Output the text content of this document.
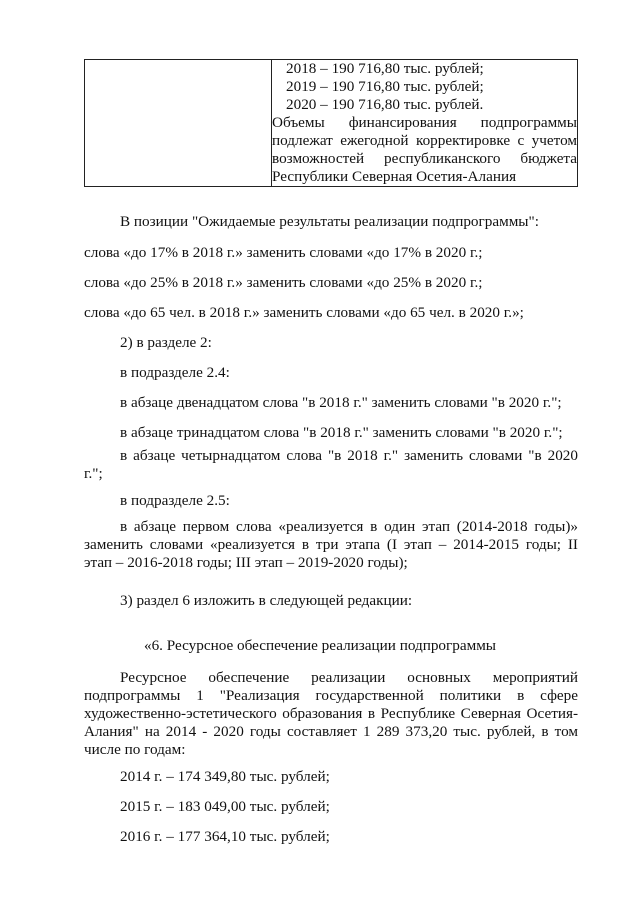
2018 – 190 716,80 тыс. рублей;
2019 – 190 716,80 тыс. рублей;
2020 – 190 716,80 тыс. рублей.
Объемы финансирования подпрограммы
подлежат ежегодной корректировке с учетом
возможностей республиканского бюджета
Республики Северная Осетия-Алания
В позиции "Ожидаемые результаты реализации подпрограммы":
слова «до 17% в 2018 г.» заменить словами «до 17% в 2020 г.;
слова «до 25% в 2018 г.» заменить словами «до 25% в 2020 г.;
слова «до 65 чел. в 2018 г.» заменить словами «до 65 чел. в 2020 г.»;
2) в разделе 2:
в подразделе 2.4:
в абзаце двенадцатом слова "в 2018 г." заменить словами "в 2020 г.";
в абзаце тринадцатом слова "в 2018 г." заменить словами "в 2020 г.";
в абзаце четырнадцатом слова "в 2018 г." заменить словами "в 2020
г.";
в подразделе 2.5:
в абзаце первом слова «реализуется в один этап (2014-2018 годы)»
заменить словами «реализуется в три этапа (I этап – 2014-2015 годы; II
этап – 2016-2018 годы; III этап – 2019-2020 годы);
3) раздел 6 изложить в следующей редакции:
«6. Ресурсное обеспечение реализации подпрограммы
Ресурсное обеспечение реализации основных мероприятий
подпрограммы 1 "Реализация государственной политики в сфере
художественно-эстетического образования в Республике Северная Осетия-
Алания" на 2014 - 2020 годы составляет 1 289 373,20 тыс. рублей, в том
числе по годам:
2014 г. – 174 349,80 тыс. рублей;
2015 г. – 183 049,00 тыс. рублей;
2016 г. – 177 364,10 тыс. рублей;
